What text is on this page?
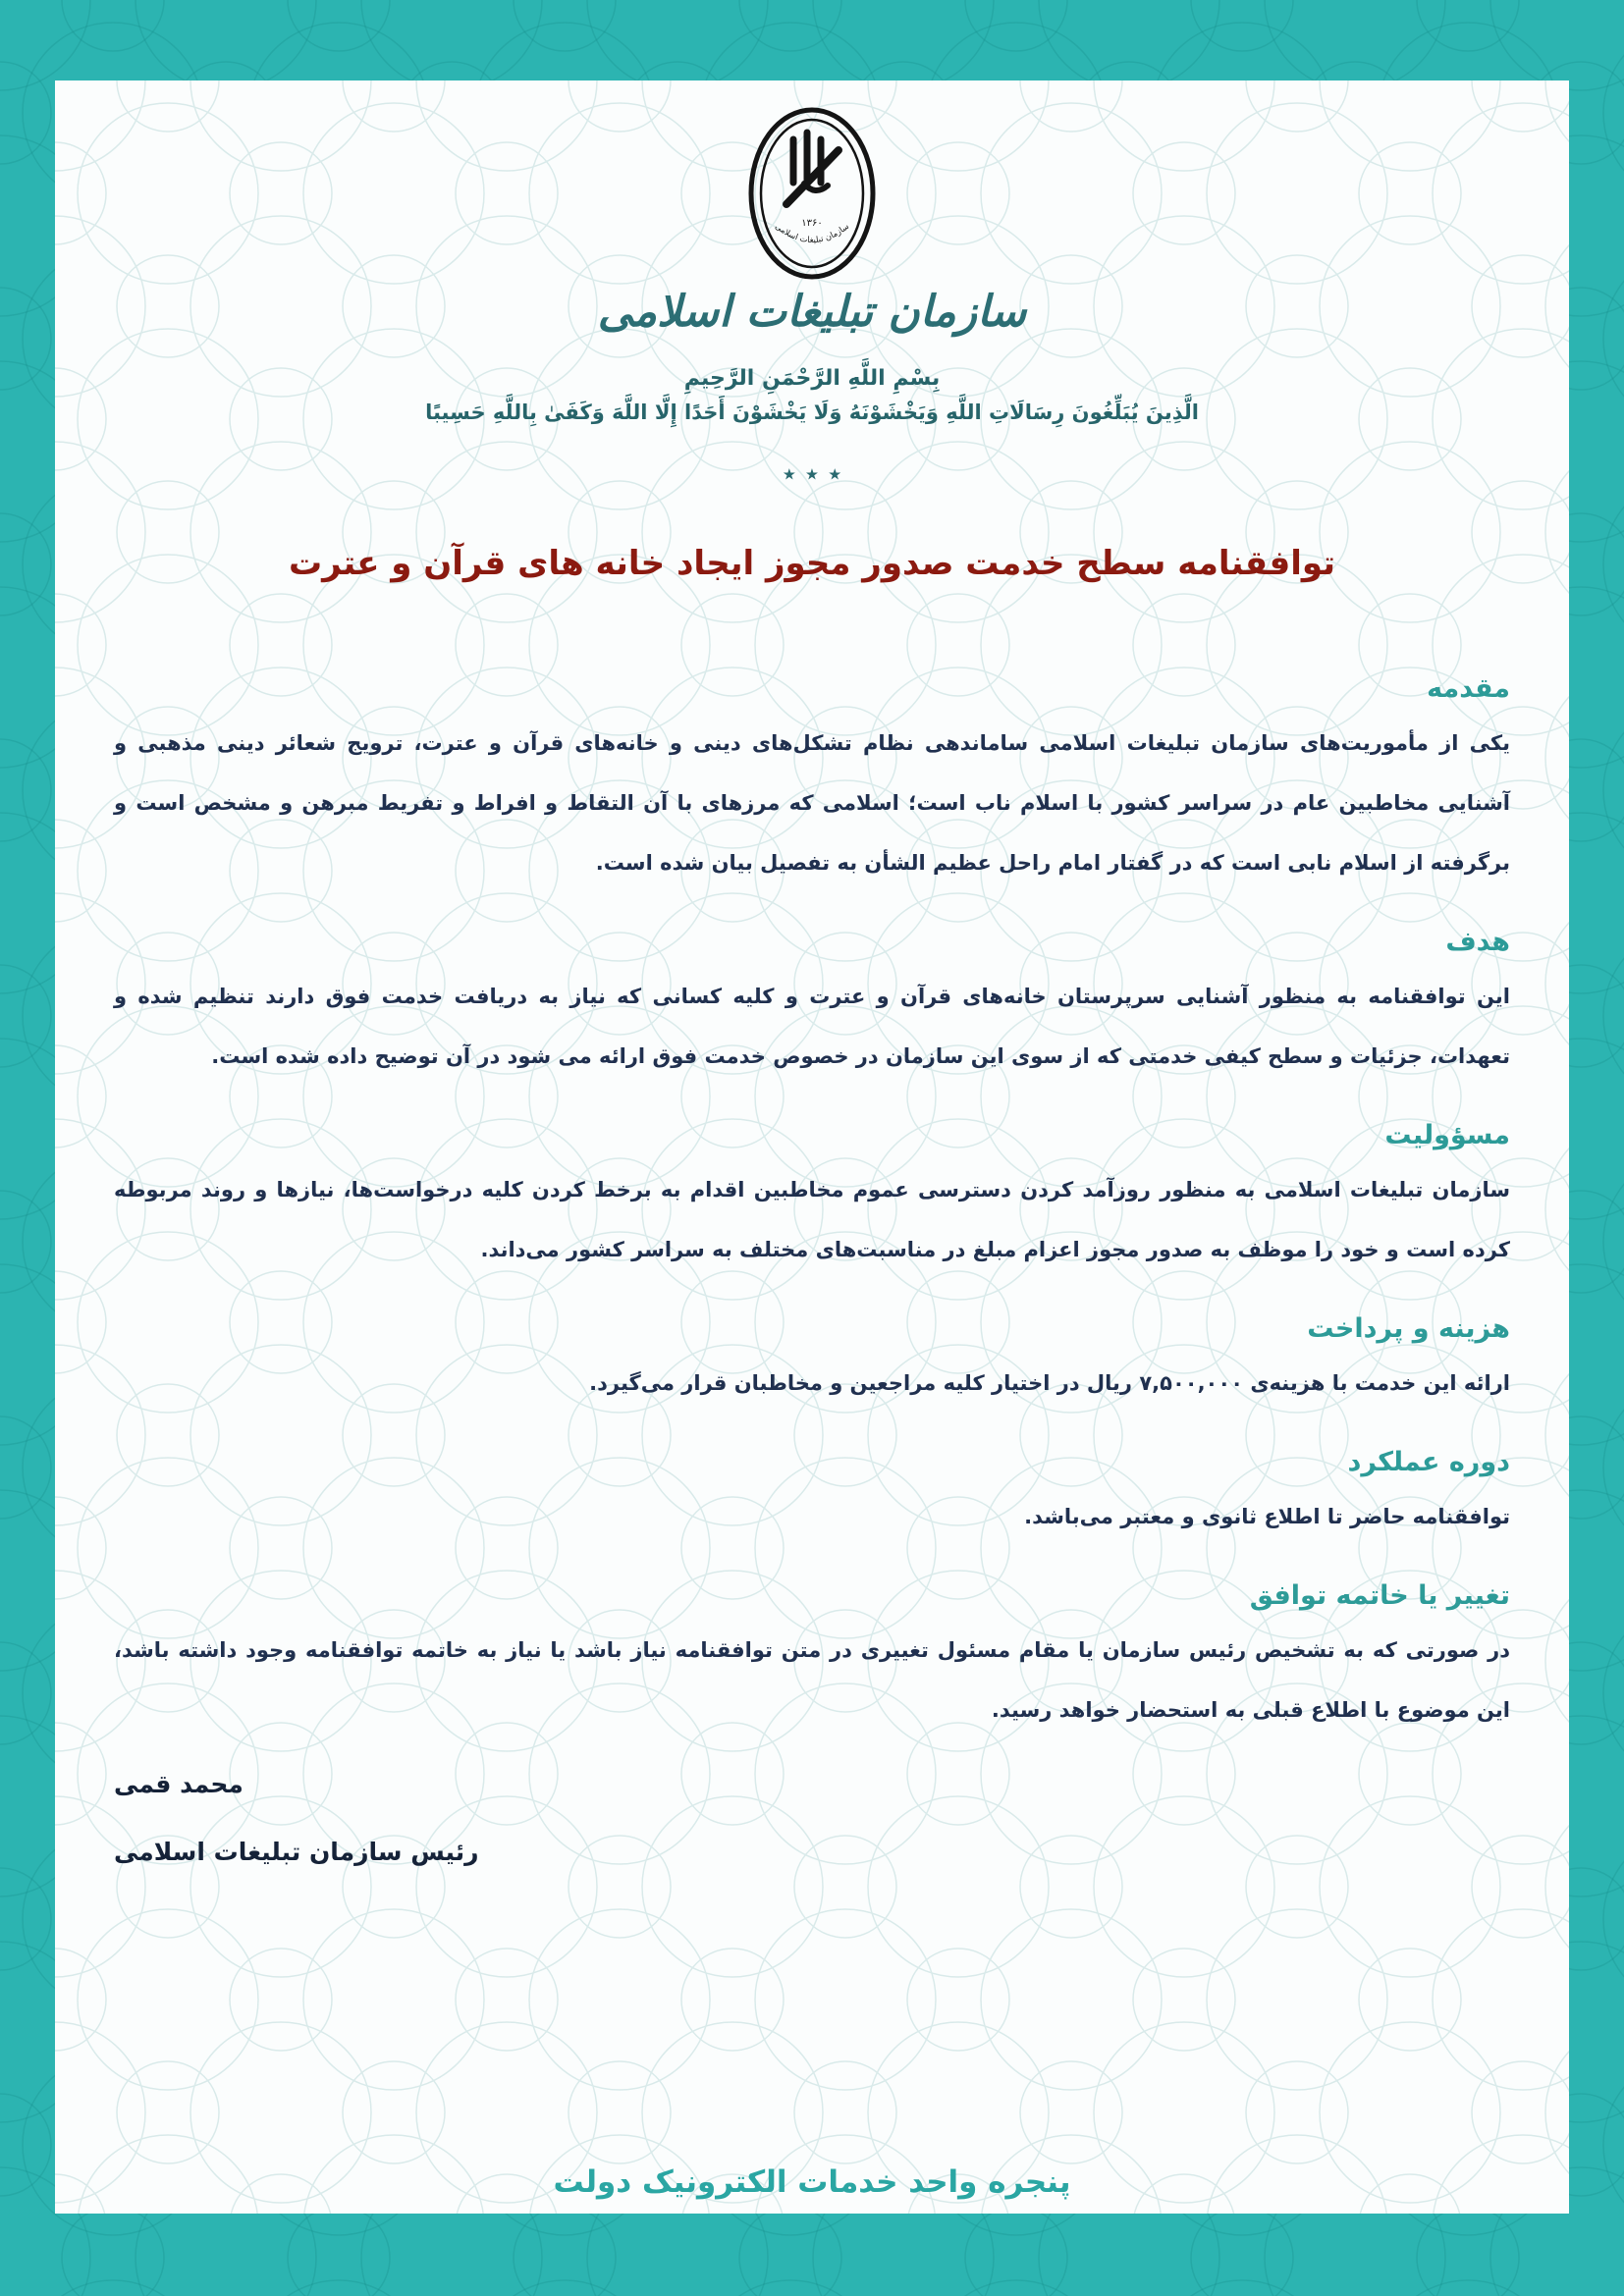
۱۳۶۰
سازمان تبلیغات اسلامی
سازمان تبلیغات اسلامی
بِسْمِ اللَّهِ الرَّحْمَنِ الرَّحِيمِ
الَّذِينَ يُبَلِّغُونَ رِسَالَاتِ اللَّهِ وَيَخْشَوْنَهُ وَلَا يَخْشَوْنَ أَحَدًا إِلَّا اللَّهَ وَكَفَىٰ بِاللَّهِ حَسِيبًا
٭ ٭ ٭
توافقنامه سطح خدمت صدور مجوز ایجاد خانه های قرآن و عترت
مقدمه

یکی از مأموریت‌های سازمان تبلیغات اسلامی ساماندهی نظام تشکل‌های دینی و خانه‌های قرآن و عترت، ترویج شعائر دینی مذهبی و آشنایی مخاطبین عام در سراسر کشور با اسلام ناب است؛ اسلامی که مرزهای با آن التقاط و افراط و تفریط مبرهن و مشخص است و برگرفته از اسلام نابی است که در گفتار امام راحل عظیم الشأن به تفصیل بیان شده است.

هدف

این توافقنامه به منظور آشنایی سرپرستان خانه‌های قرآن و عترت و کلیه کسانی که نیاز به دریافت خدمت فوق دارند تنظیم شده و تعهدات، جزئیات و سطح کیفی خدمتی که از سوی این سازمان در خصوص خدمت فوق ارائه می شود در آن توضیح داده شده است.

مسؤولیت

سازمان تبلیغات اسلامی به منظور روزآمد کردن دسترسی عموم مخاطبین اقدام به برخط کردن کلیه درخواست‌ها، نیازها و روند مربوطه کرده است و خود را موظف به صدور مجوز اعزام مبلغ در مناسبت‌های مختلف به سراسر کشور می‌داند.

هزینه و پرداخت

ارائه این خدمت با هزینه‌ی ۷,۵۰۰,۰۰۰ ریال در اختیار کلیه مراجعین و مخاطبان قرار می‌گیرد.

دوره عملکرد

توافقنامه حاضر تا اطلاع ثانوی و معتبر می‌باشد.

تغییر یا خاتمه توافق

در صورتی که به تشخیص رئیس سازمان یا مقام مسئول تغییری در متن توافقنامه نیاز باشد یا نیاز به خاتمه توافقنامه وجود داشته باشد، این موضوع با اطلاع قبلی به استحضار خواهد رسید.

محمد قمی
رئیس سازمان تبلیغات اسلامی
پنجره واحد خدمات الکترونیک دولت
